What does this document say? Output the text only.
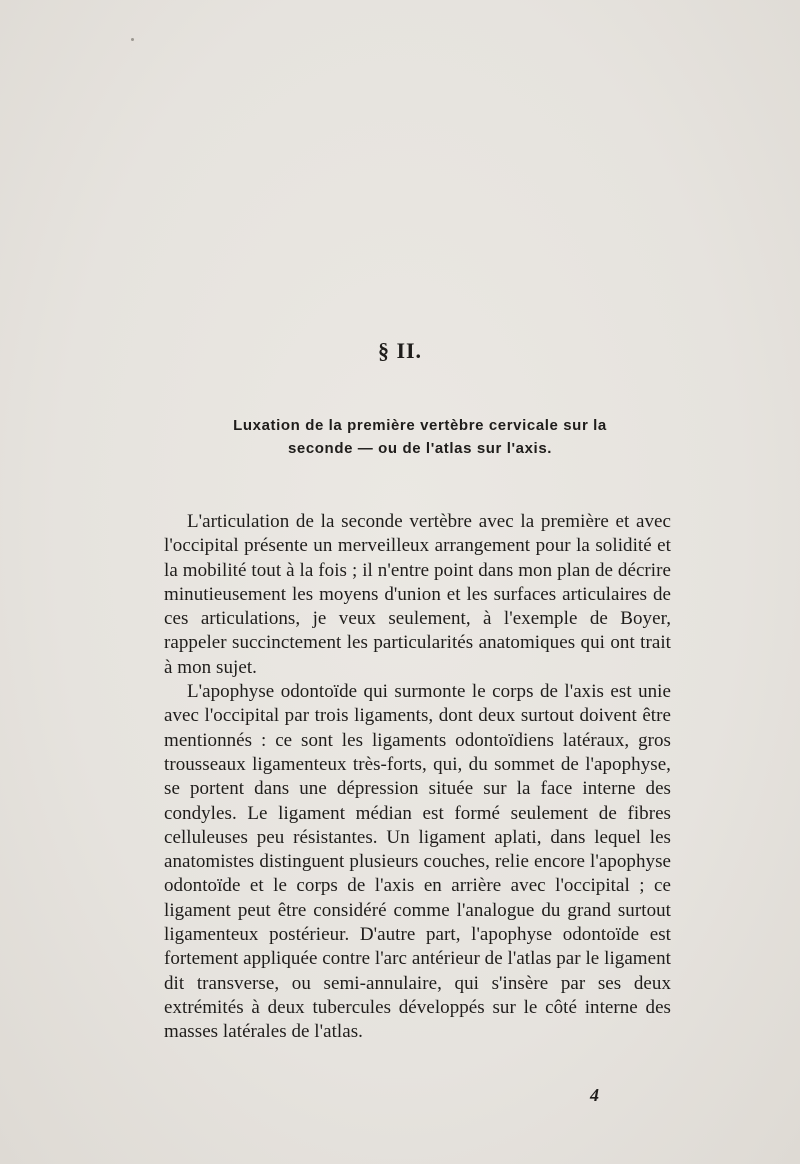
§ II.
Luxation de la première vertèbre cervicale sur la
seconde — ou de l'atlas sur l'axis.

L'articulation de la seconde vertèbre avec la première et avec l'occipital présente un merveilleux arrangement pour la solidité et la mobilité tout à la fois ; il n'entre point dans mon plan de décrire minutieusement les moyens d'union et les surfaces articulaires de ces articulations, je veux seulement, à l'exemple de Boyer, rappeler succinctement les particularités anatomiques qui ont trait à mon sujet.

L'apophyse odontoïde qui surmonte le corps de l'axis est unie avec l'occipital par trois ligaments, dont deux surtout doivent être mentionnés : ce sont les ligaments odontoïdiens latéraux, gros trousseaux ligamenteux très-forts, qui, du sommet de l'apophyse, se portent dans une dépression située sur la face interne des condyles. Le ligament médian est formé seulement de fibres celluleuses peu résistantes. Un ligament aplati, dans lequel les anatomistes distinguent plusieurs couches, relie encore l'apophyse odontoïde et le corps de l'axis en arrière avec l'occipital ; ce ligament peut être considéré comme l'analogue du grand surtout ligamenteux postérieur. D'autre part, l'apophyse odontoïde est fortement appliquée contre l'arc antérieur de l'atlas par le ligament dit transverse, ou semi-annulaire, qui s'insère par ses deux extrémités à deux tubercules développés sur le côté interne des masses latérales de l'atlas.

4
